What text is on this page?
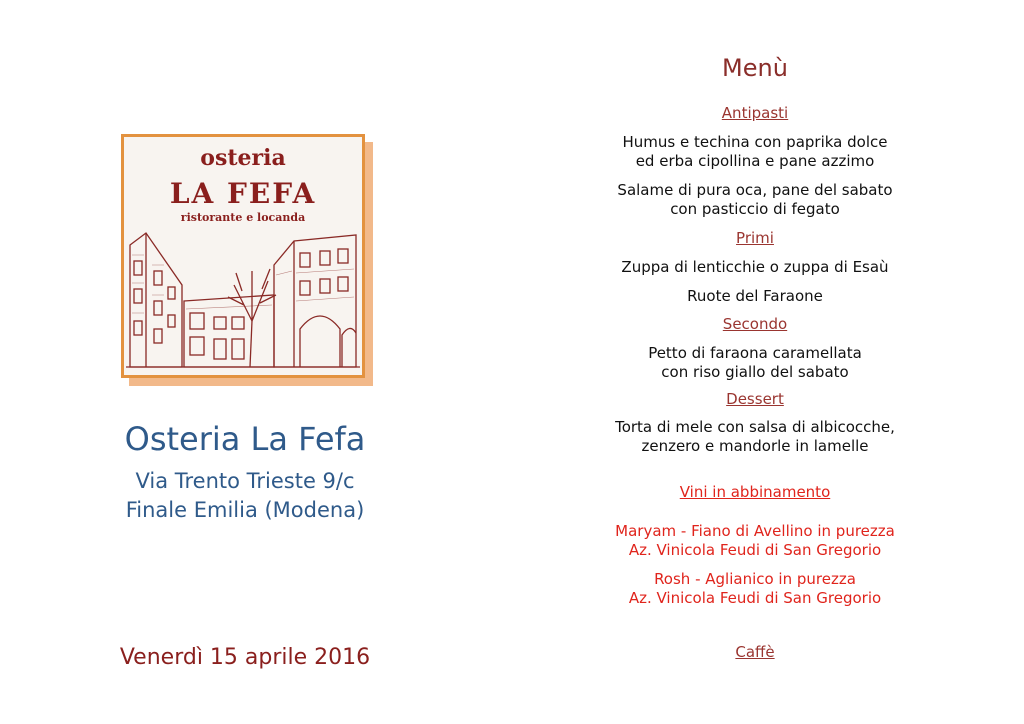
osteria
LA FEFA
ristorante e locanda
Osteria La Fefa
Via Trento Trieste 9/c
Finale Emilia (Modena)
Venerdì 15 aprile 2016
Menù
Antipasti
Humus e techina con paprika dolce
ed erba cipollina e pane azzimo
Salame di pura oca, pane del sabato
con pasticcio di fegato
Primi
Zuppa di lenticchie o zuppa di Esaù
Ruote del Faraone
Secondo
Petto di faraona caramellata
con riso giallo del sabato
Dessert
Torta di mele con salsa di albicocche,
zenzero e mandorle in lamelle
Vini in abbinamento
Maryam - Fiano di Avellino in purezza
Az. Vinicola Feudi di San Gregorio
Rosh - Aglianico in purezza
Az. Vinicola Feudi di San Gregorio
Caffè
